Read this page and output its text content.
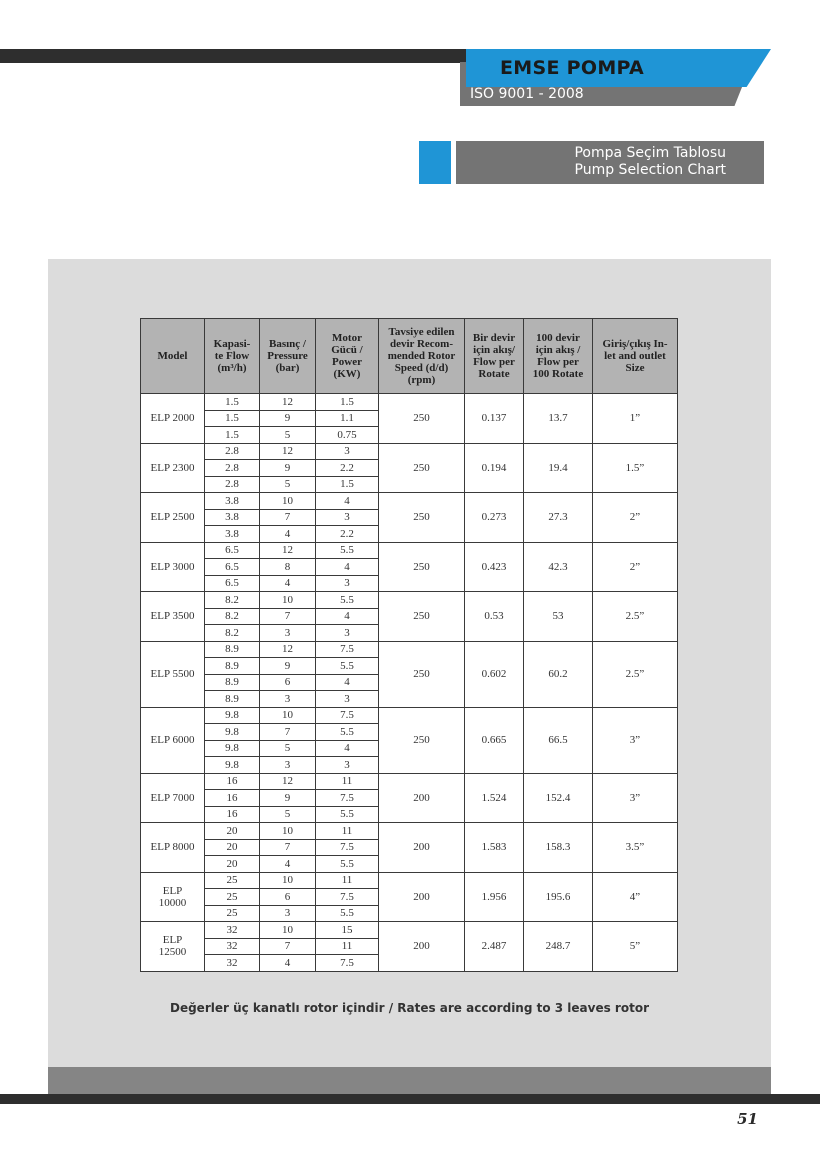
EMSE POMPA
ISO 9001 - 2008
Pompa Seçim Tablosu
Pump Selection Chart
Model	Kapasi-
te Flow
(m³/h)	Basınç /
Pressure
(bar)	Motor
Gücü /
Power
(KW)	Tavsiye edilen
devir Recom-
mended Rotor
Speed (d/d)
(rpm)	Bir devir
için akış/
Flow per
Rotate	100 devir
için akış /
Flow per
100 Rotate	Giriş/çıkış In-
let and outlet
Size
ELP 2000	1.5	12	1.5	250	0.137	13.7	1”
	1.5	9	1.1				
	1.5	5	0.75				
ELP 2300	2.8	12	3	250	0.194	19.4	1.5”
	2.8	9	2.2				
	2.8	5	1.5				
ELP 2500	3.8	10	4	250	0.273	27.3	2”
	3.8	7	3				
	3.8	4	2.2				
ELP 3000	6.5	12	5.5	250	0.423	42.3	2”
	6.5	8	4				
	6.5	4	3				
ELP 3500	8.2	10	5.5	250	0.53	53	2.5”
	8.2	7	4				
	8.2	3	3				
ELP 5500	8.9	12	7.5	250	0.602	60.2	2.5”
	8.9	9	5.5				
	8.9	6	4				
	8.9	3	3				
ELP 6000	9.8	10	7.5	250	0.665	66.5	3”
	9.8	7	5.5				
	9.8	5	4				
	9.8	3	3				
ELP 7000	16	12	11	200	1.524	152.4	3”
	16	9	7.5				
	16	5	5.5				
ELP 8000	20	10	11	200	1.583	158.3	3.5”
	20	7	7.5				
	20	4	5.5				
ELP
10000	25	10	11	200	1.956	195.6	4”
	25	6	7.5				
	25	3	5.5				
ELP
12500	32	10	15	200	2.487	248.7	5”
	32	7	11				
	32	4	7.5				
Değerler üç kanatlı rotor içindir / Rates are according to 3 leaves rotor
51
